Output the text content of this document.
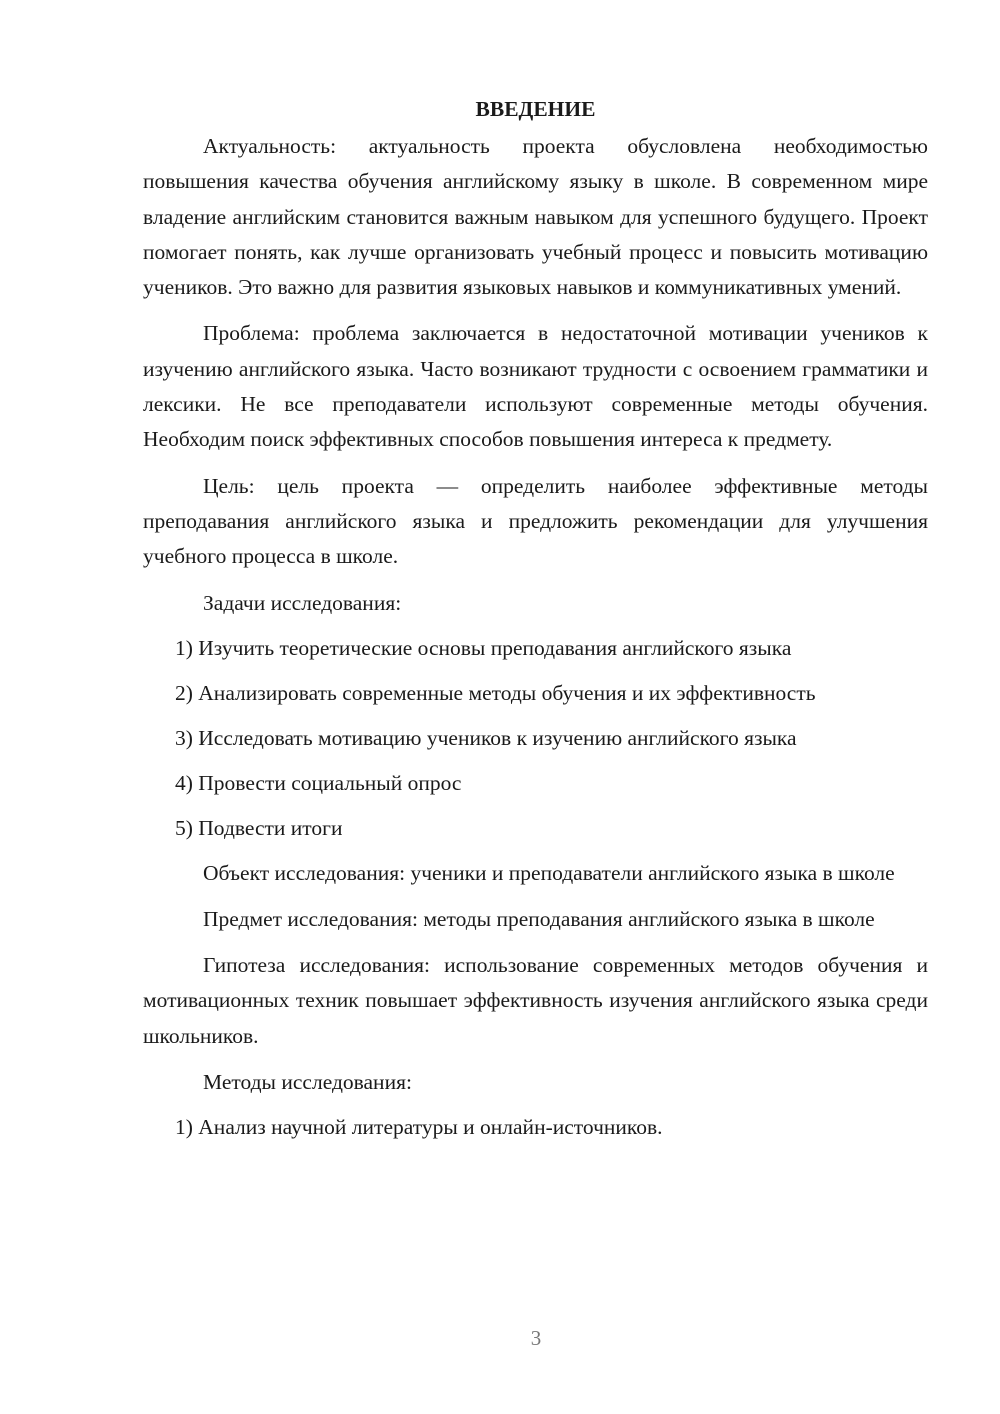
ВВЕДЕНИЕ

Актуальность: актуальность проекта обусловлена необходимостью повышения качества обучения английскому языку в школе. В современном мире владение английским становится важным навыком для успешного будущего. Проект помогает понять, как лучше организовать учебный процесс и повысить мотивацию учеников. Это важно для развития языковых навыков и коммуникативных умений.

Проблема: проблема заключается в недостаточной мотивации учеников к изучению английского языка. Часто возникают трудности с освоением грамматики и лексики. Не все преподаватели используют современные методы обучения. Необходим поиск эффективных способов повышения интереса к предмету.

Цель: цель проекта — определить наиболее эффективные методы преподавания английского языка и предложить рекомендации для улучшения учебного процесса в школе.

Задачи исследования:
1) Изучить теоретические основы преподавания английского языка
2) Анализировать современные методы обучения и их эффективность
3) Исследовать мотивацию учеников к изучению английского языка
4) Провести социальный опрос
5) Подвести итоги

Объект исследования: ученики и преподаватели английского языка в школе

Предмет исследования: методы преподавания английского языка в школе

Гипотеза исследования: использование современных методов обучения и мотивационных техник повышает эффективность изучения английского языка среди школьников.

Методы исследования:
1) Анализ научной литературы и онлайн-источников.
3
